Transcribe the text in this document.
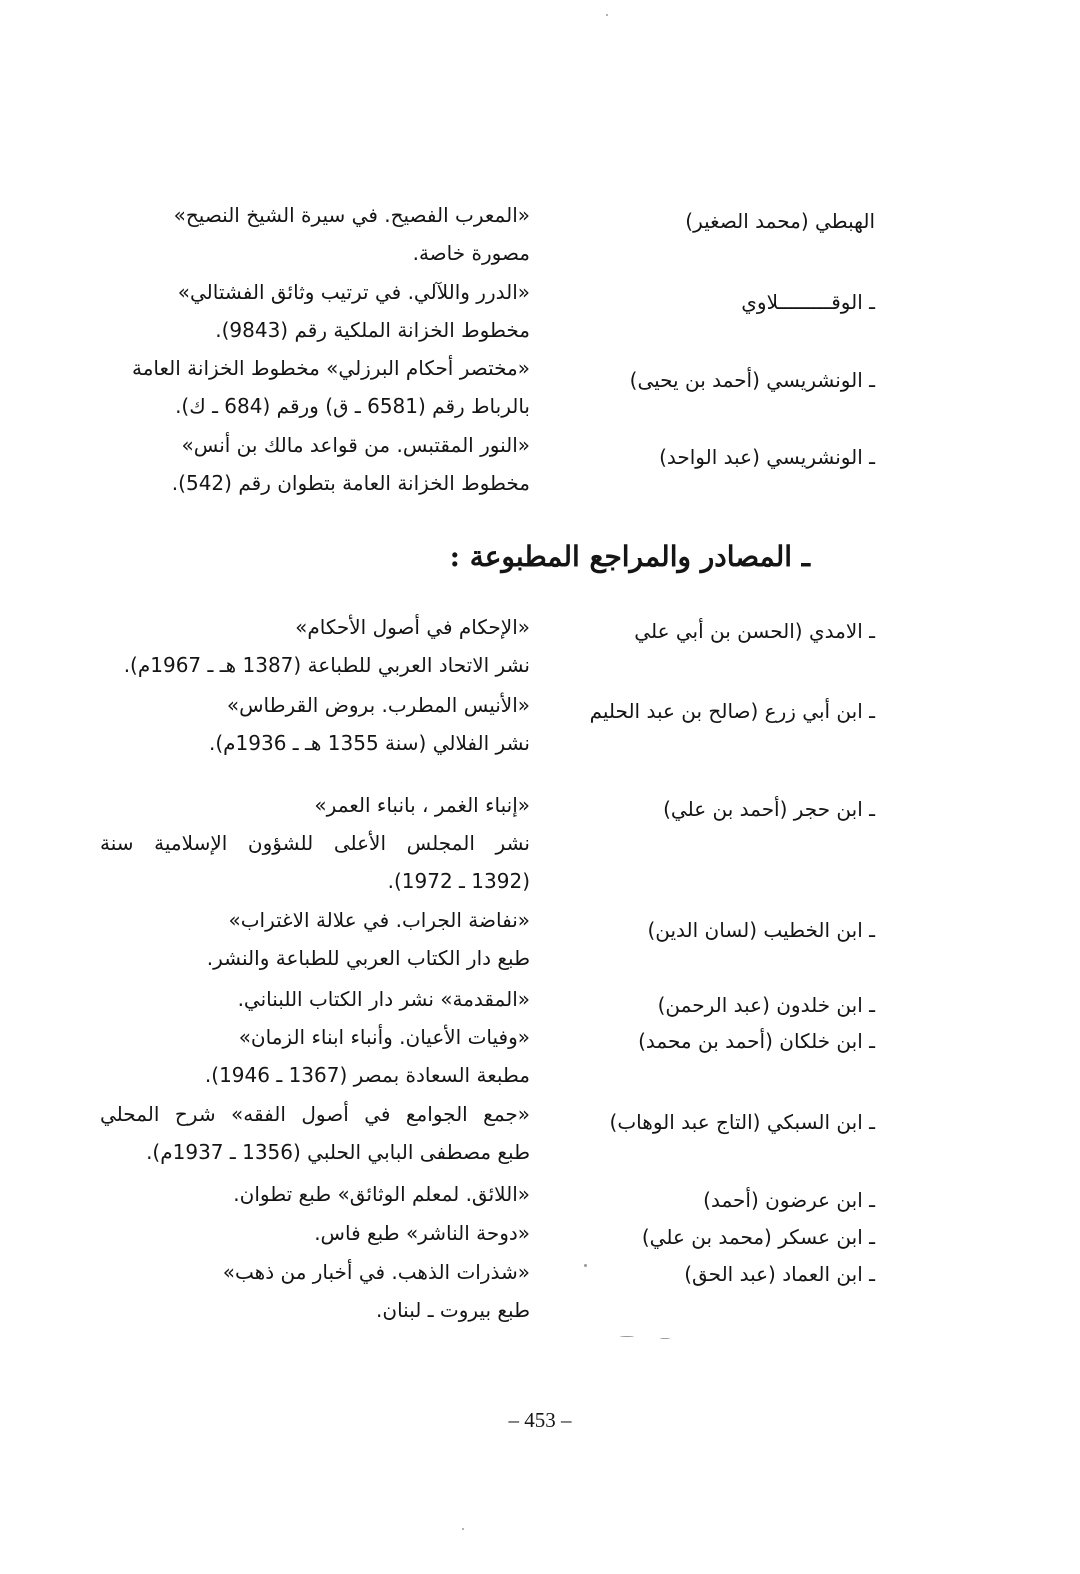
الهبطي (محمد الصغير)
«المعرب الفصيح. في سيرة الشيخ النصيح»
مصورة خاصة.
ـ الوقـــــــــلاوي
«الدرر واللآلي. في ترتيب وثائق الفشتالي»
مخطوط الخزانة الملكية رقم (9843).
ـ الونشريسي (أحمد بن يحيى)
«مختصر أحكام البرزلي» مخطوط الخزانة العامة
بالرباط رقم (6581 ـ ق) ورقم (684 ـ ك).
ـ الونشريسي (عبد الواحد)
«النور المقتبس. من قواعد مالك بن أنس»
مخطوط الخزانة العامة بتطوان رقم (542).
ـ المصادر والمراجع المطبوعة :
ـ الامدي (الحسن بن أبي علي
«الإحكام في أصول الأحكام»
نشر الاتحاد العربي للطباعة (1387 هـ ـ 1967م).
ـ ابن أبي زرع (صالح بن عبد الحليم
«الأنيس المطرب. بروض القرطاس»
نشر الفلالي (سنة 1355 هـ ـ 1936م).
ـ ابن حجر (أحمد بن علي)
«إنباء الغمر ، بانباء العمر»
نشر المجلس الأعلى للشؤون الإسلامية سنة
(1392 ـ 1972).
ـ ابن الخطيب (لسان الدين)
«نفاضة الجراب. في علالة الاغتراب»
طبع دار الكتاب العربي للطباعة والنشر.
ـ ابن خلدون (عبد الرحمن)
«المقدمة» نشر دار الكتاب اللبناني.
ـ ابن خلكان (أحمد بن محمد)
«وفيات الأعيان. وأنباء ابناء الزمان»
مطبعة السعادة بمصر (1367 ـ 1946).
ـ ابن السبكي (التاج عبد الوهاب)
«جمع الجوامع في أصول الفقه» شرح المحلي
طبع مصطفى البابي الحلبي (1356 ـ 1937م).
ـ ابن عرضون (أحمد)
«اللائق. لمعلم الوثائق» طبع تطوان.
ـ ابن عسكر (محمد بن علي)
«دوحة الناشر» طبع فاس.
ـ ابن العماد (عبد الحق)
«شذرات الذهب. في أخبار من ذهب»
طبع بيروت ـ لبنان.
– 453 –
